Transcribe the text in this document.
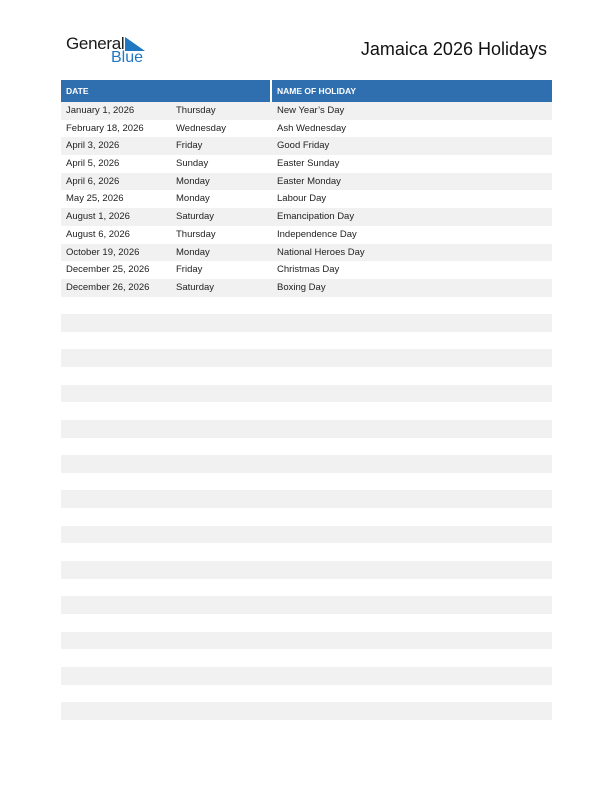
General
Blue	Jamaica 2026 Holidays
DATE	NAME OF HOLIDAY
January 1, 2026	Thursday	New Year’s Day
February 18, 2026	Wednesday	Ash Wednesday
April 3, 2026	Friday	Good Friday
April 5, 2026	Sunday	Easter Sunday
April 6, 2026	Monday	Easter Monday
May 25, 2026	Monday	Labour Day
August 1, 2026	Saturday	Emancipation Day
August 6, 2026	Thursday	Independence Day
October 19, 2026	Monday	National Heroes Day
December 25, 2026	Friday	Christmas Day
December 26, 2026	Saturday	Boxing Day
